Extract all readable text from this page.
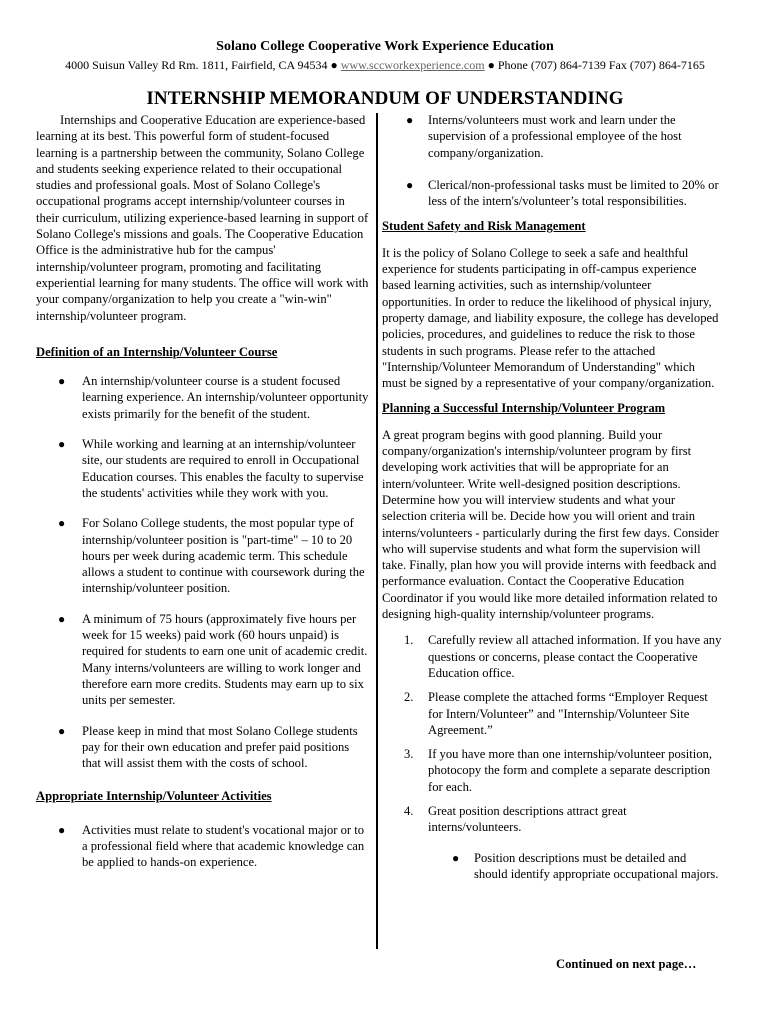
Solano College Cooperative Work Experience Education
4000 Suisun Valley Rd Rm. 1811, Fairfield, CA 94534 ● www.sccworkexperience.com ● Phone (707) 864-7139 Fax (707) 864-7165
INTERNSHIP MEMORANDUM OF UNDERSTANDING

Internships and Cooperative Education are experience-based learning at its best. This powerful form of student-focused learning is a partnership between the community, Solano College and students seeking experience related to their occupational studies and professional goals. Most of Solano College's occupational programs accept internship/volunteer courses in their curriculum, utilizing experience-based learning in support of Solano College's missions and goals. The Cooperative Education Office is the administrative hub for the campus' internship/volunteer program, promoting and facilitating experiential learning for many students. The office will work with your company/organization to help you create a "win-win" internship/volunteer program.

Definition of an Internship/Volunteer Course

● An internship/volunteer course is a student focused learning experience. An internship/volunteer opportunity exists primarily for the benefit of the student.
● While working and learning at an internship/volunteer site, our students are required to enroll in Occupational Education courses. This enables the faculty to supervise the students' activities while they work with you.
● For Solano College students, the most popular type of internship/volunteer position is "part-time" – 10 to 20 hours per week during academic term. This schedule allows a student to continue with coursework during the internship/volunteer position.
● A minimum of 75 hours (approximately five hours per week for 15 weeks) paid work (60 hours unpaid) is required for students to earn one unit of academic credit. Many interns/volunteers are willing to work longer and therefore earn more credits. Students may earn up to six units per semester.
● Please keep in mind that most Solano College students pay for their own education and prefer paid positions that will assist them with the costs of school.

Appropriate Internship/Volunteer Activities

● Activities must relate to student's vocational major or to a professional field where that academic knowledge can be applied to hands-on experience.
● Interns/volunteers must work and learn under the supervision of a professional employee of the host company/organization.
● Clerical/non-professional tasks must be limited to 20% or less of the intern's/volunteer’s total responsibilities.

Student Safety and Risk Management

It is the policy of Solano College to seek a safe and healthful experience for students participating in off-campus experience based learning activities, such as internship/volunteer opportunities. In order to reduce the likelihood of physical injury, property damage, and liability exposure, the college has developed policies, procedures, and guidelines to reduce the risk to those students in such programs. Please refer to the attached "Internship/Volunteer Memorandum of Understanding" which must be signed by a representative of your company/organization.

Planning a Successful Internship/Volunteer Program

A great program begins with good planning. Build your company/organization's internship/volunteer program by first developing work activities that will be appropriate for an intern/volunteer. Write well-designed position descriptions. Determine how you will interview students and what your selection criteria will be. Decide how you will orient and train interns/volunteers - particularly during the first few days. Consider who will supervise students and what form the supervision will take. Finally, plan how you will provide interns with feedback and performance evaluation. Contact the Cooperative Education Coordinator if you would like more detailed information related to designing high-quality internship/volunteer programs.

1. Carefully review all attached information. If you have any questions or concerns, please contact the Cooperative Education office.
2. Please complete the attached forms “Employer Request for Intern/Volunteer” and "Internship/Volunteer Site Agreement.”
3. If you have more than one internship/volunteer position, photocopy the form and complete a separate description for each.
4. Great position descriptions attract great interns/volunteers.
● Position descriptions must be detailed and should identify appropriate occupational majors.
Continued on next page…
